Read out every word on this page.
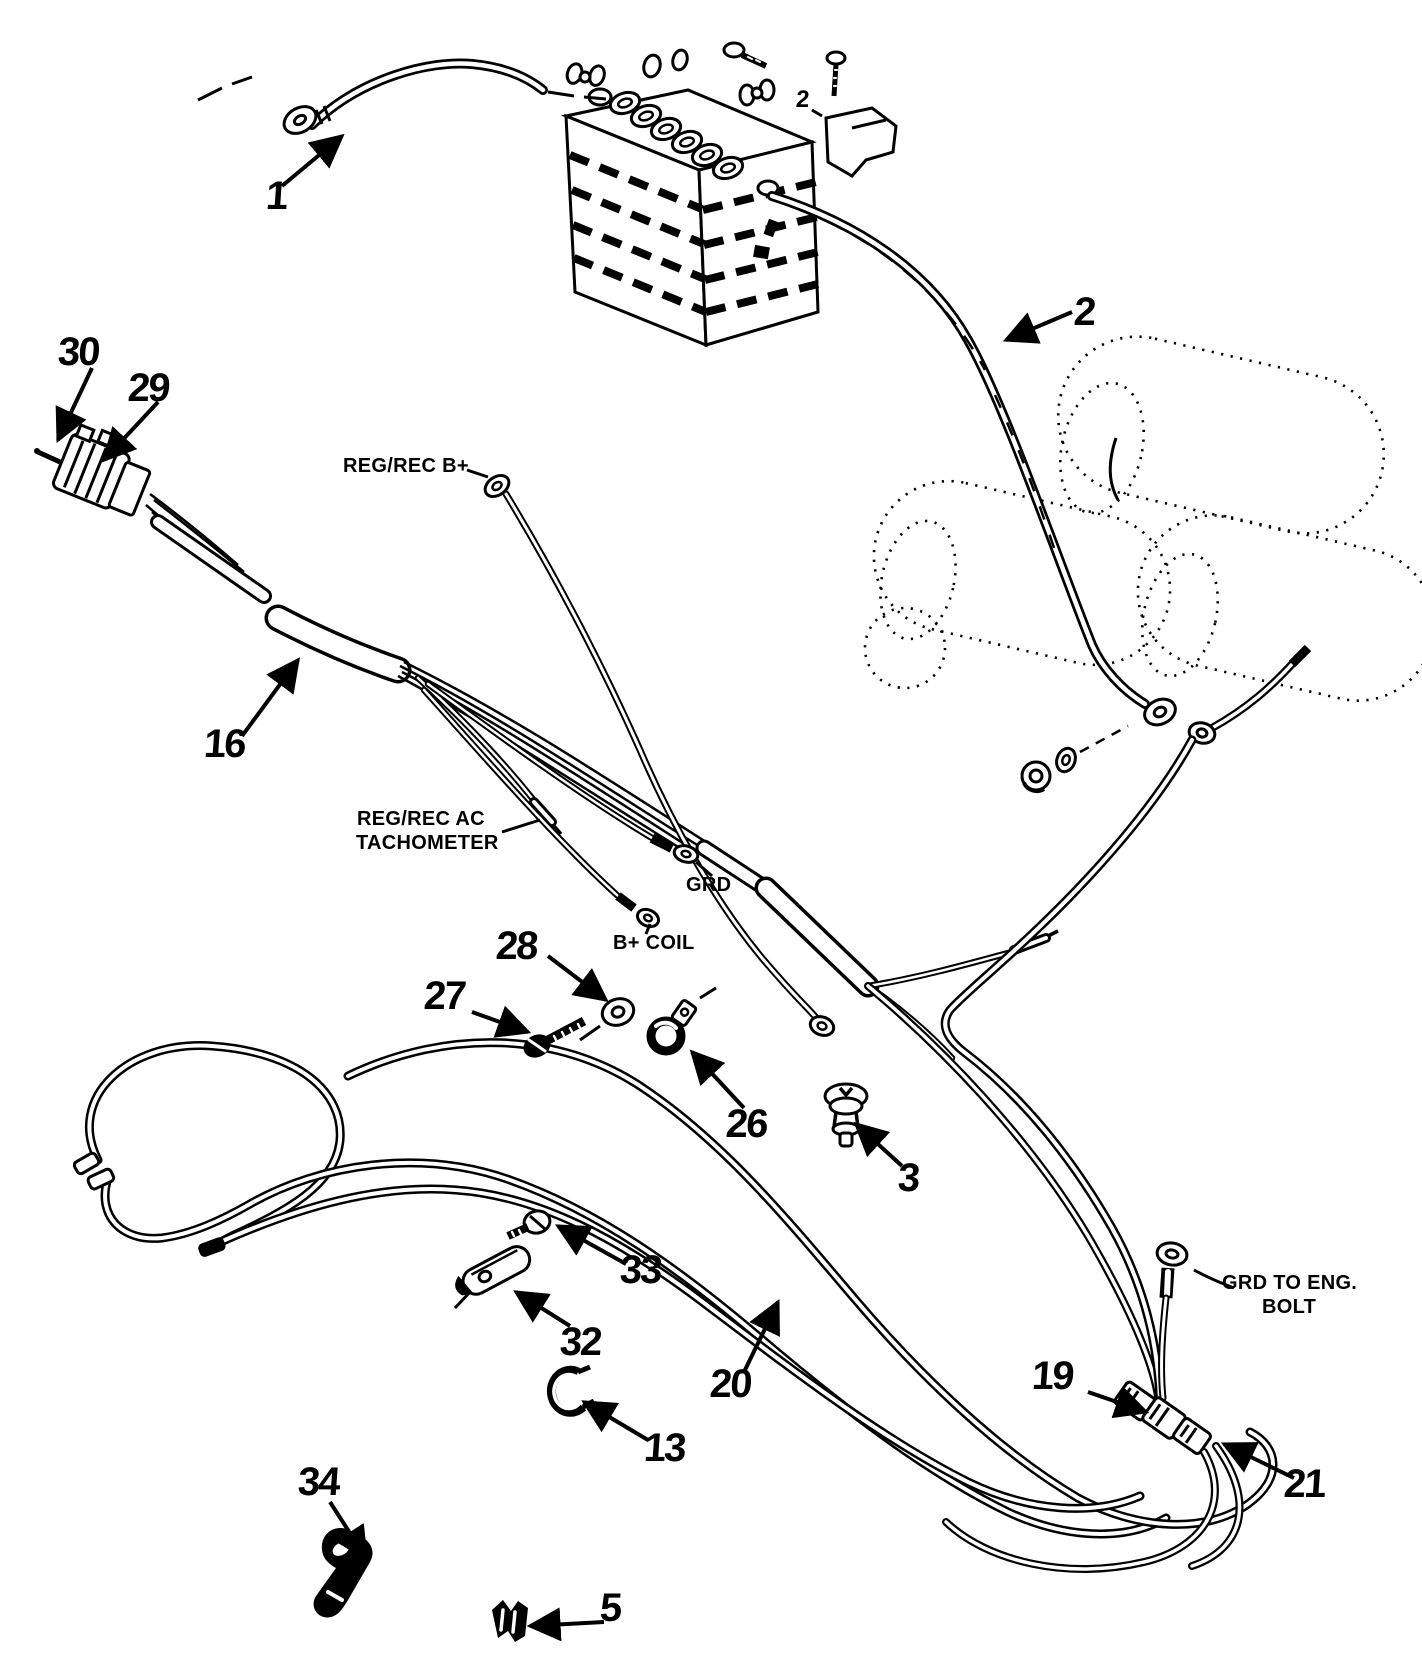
1
2
2
30
29
16
28
27
26
3
33
32
13
20	19
21
34
5
REG/REC B+
REG/REC AC
TACHOMETER
GRD
B+ COIL
GRD TO ENG.
BOLT
